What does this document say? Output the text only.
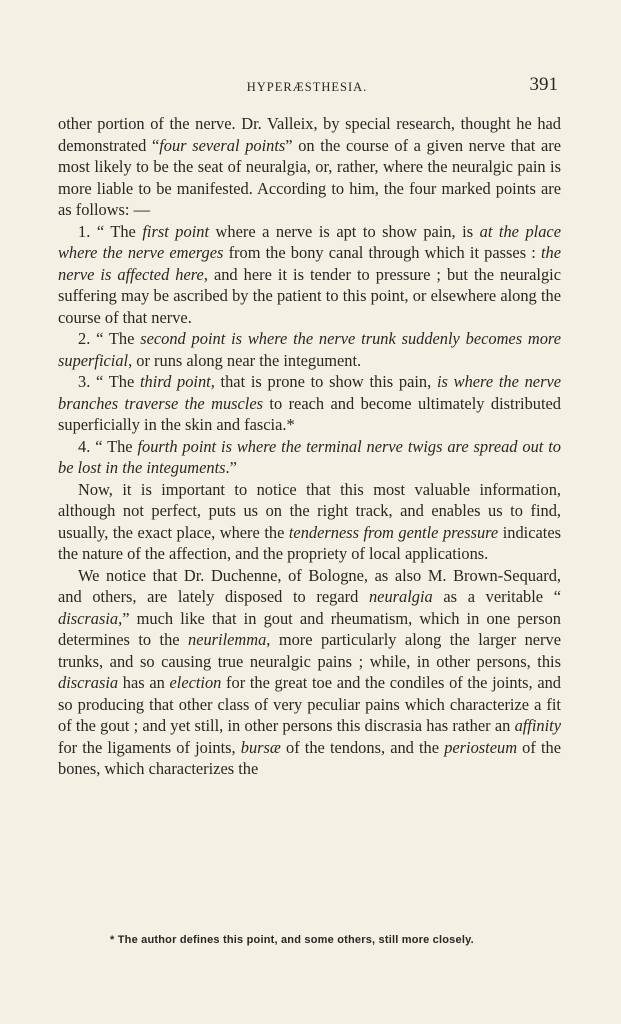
HYPERÆSTHESIA.	391

other portion of the nerve. Dr. Valleix, by special research, thought he had demonstrated “four several points” on the course of a given nerve that are most likely to be the seat of neuralgia, or, rather, where the neuralgic pain is more liable to be manifested. According to him, the four marked points are as follows: —

1. “ The first point where a nerve is apt to show pain, is at the place where the nerve emerges from the bony canal through which it passes : the nerve is affected here, and here it is tender to pressure ; but the neuralgic suffering may be ascribed by the patient to this point, or elsewhere along the course of that nerve.

2. “ The second point is where the nerve trunk suddenly becomes more superficial, or runs along near the integument.

3. “ The third point, that is prone to show this pain, is where the nerve branches traverse the muscles to reach and become ultimately distributed superficially in the skin and fascia.*

4. “ The fourth point is where the terminal nerve twigs are spread out to be lost in the integuments.”

Now, it is important to notice that this most valuable information, although not perfect, puts us on the right track, and enables us to find, usually, the exact place, where the tenderness from gentle pressure indicates the nature of the affection, and the propriety of local applications.

We notice that Dr. Duchenne, of Bologne, as also M. Brown-Sequard, and others, are lately disposed to regard neuralgia as a veritable “ discrasia,” much like that in gout and rheumatism, which in one person determines to the neurilemma, more particularly along the larger nerve trunks, and so causing true neuralgic pains ; while, in other persons, this discrasia has an election for the great toe and the condiles of the joints, and so producing that other class of very peculiar pains which characterize a fit of the gout ; and yet still, in other persons this discrasia has rather an affinity for the ligaments of joints, bursæ of the tendons, and the periosteum of the bones, which characterizes the

* The author defines this point, and some others, still more closely.
